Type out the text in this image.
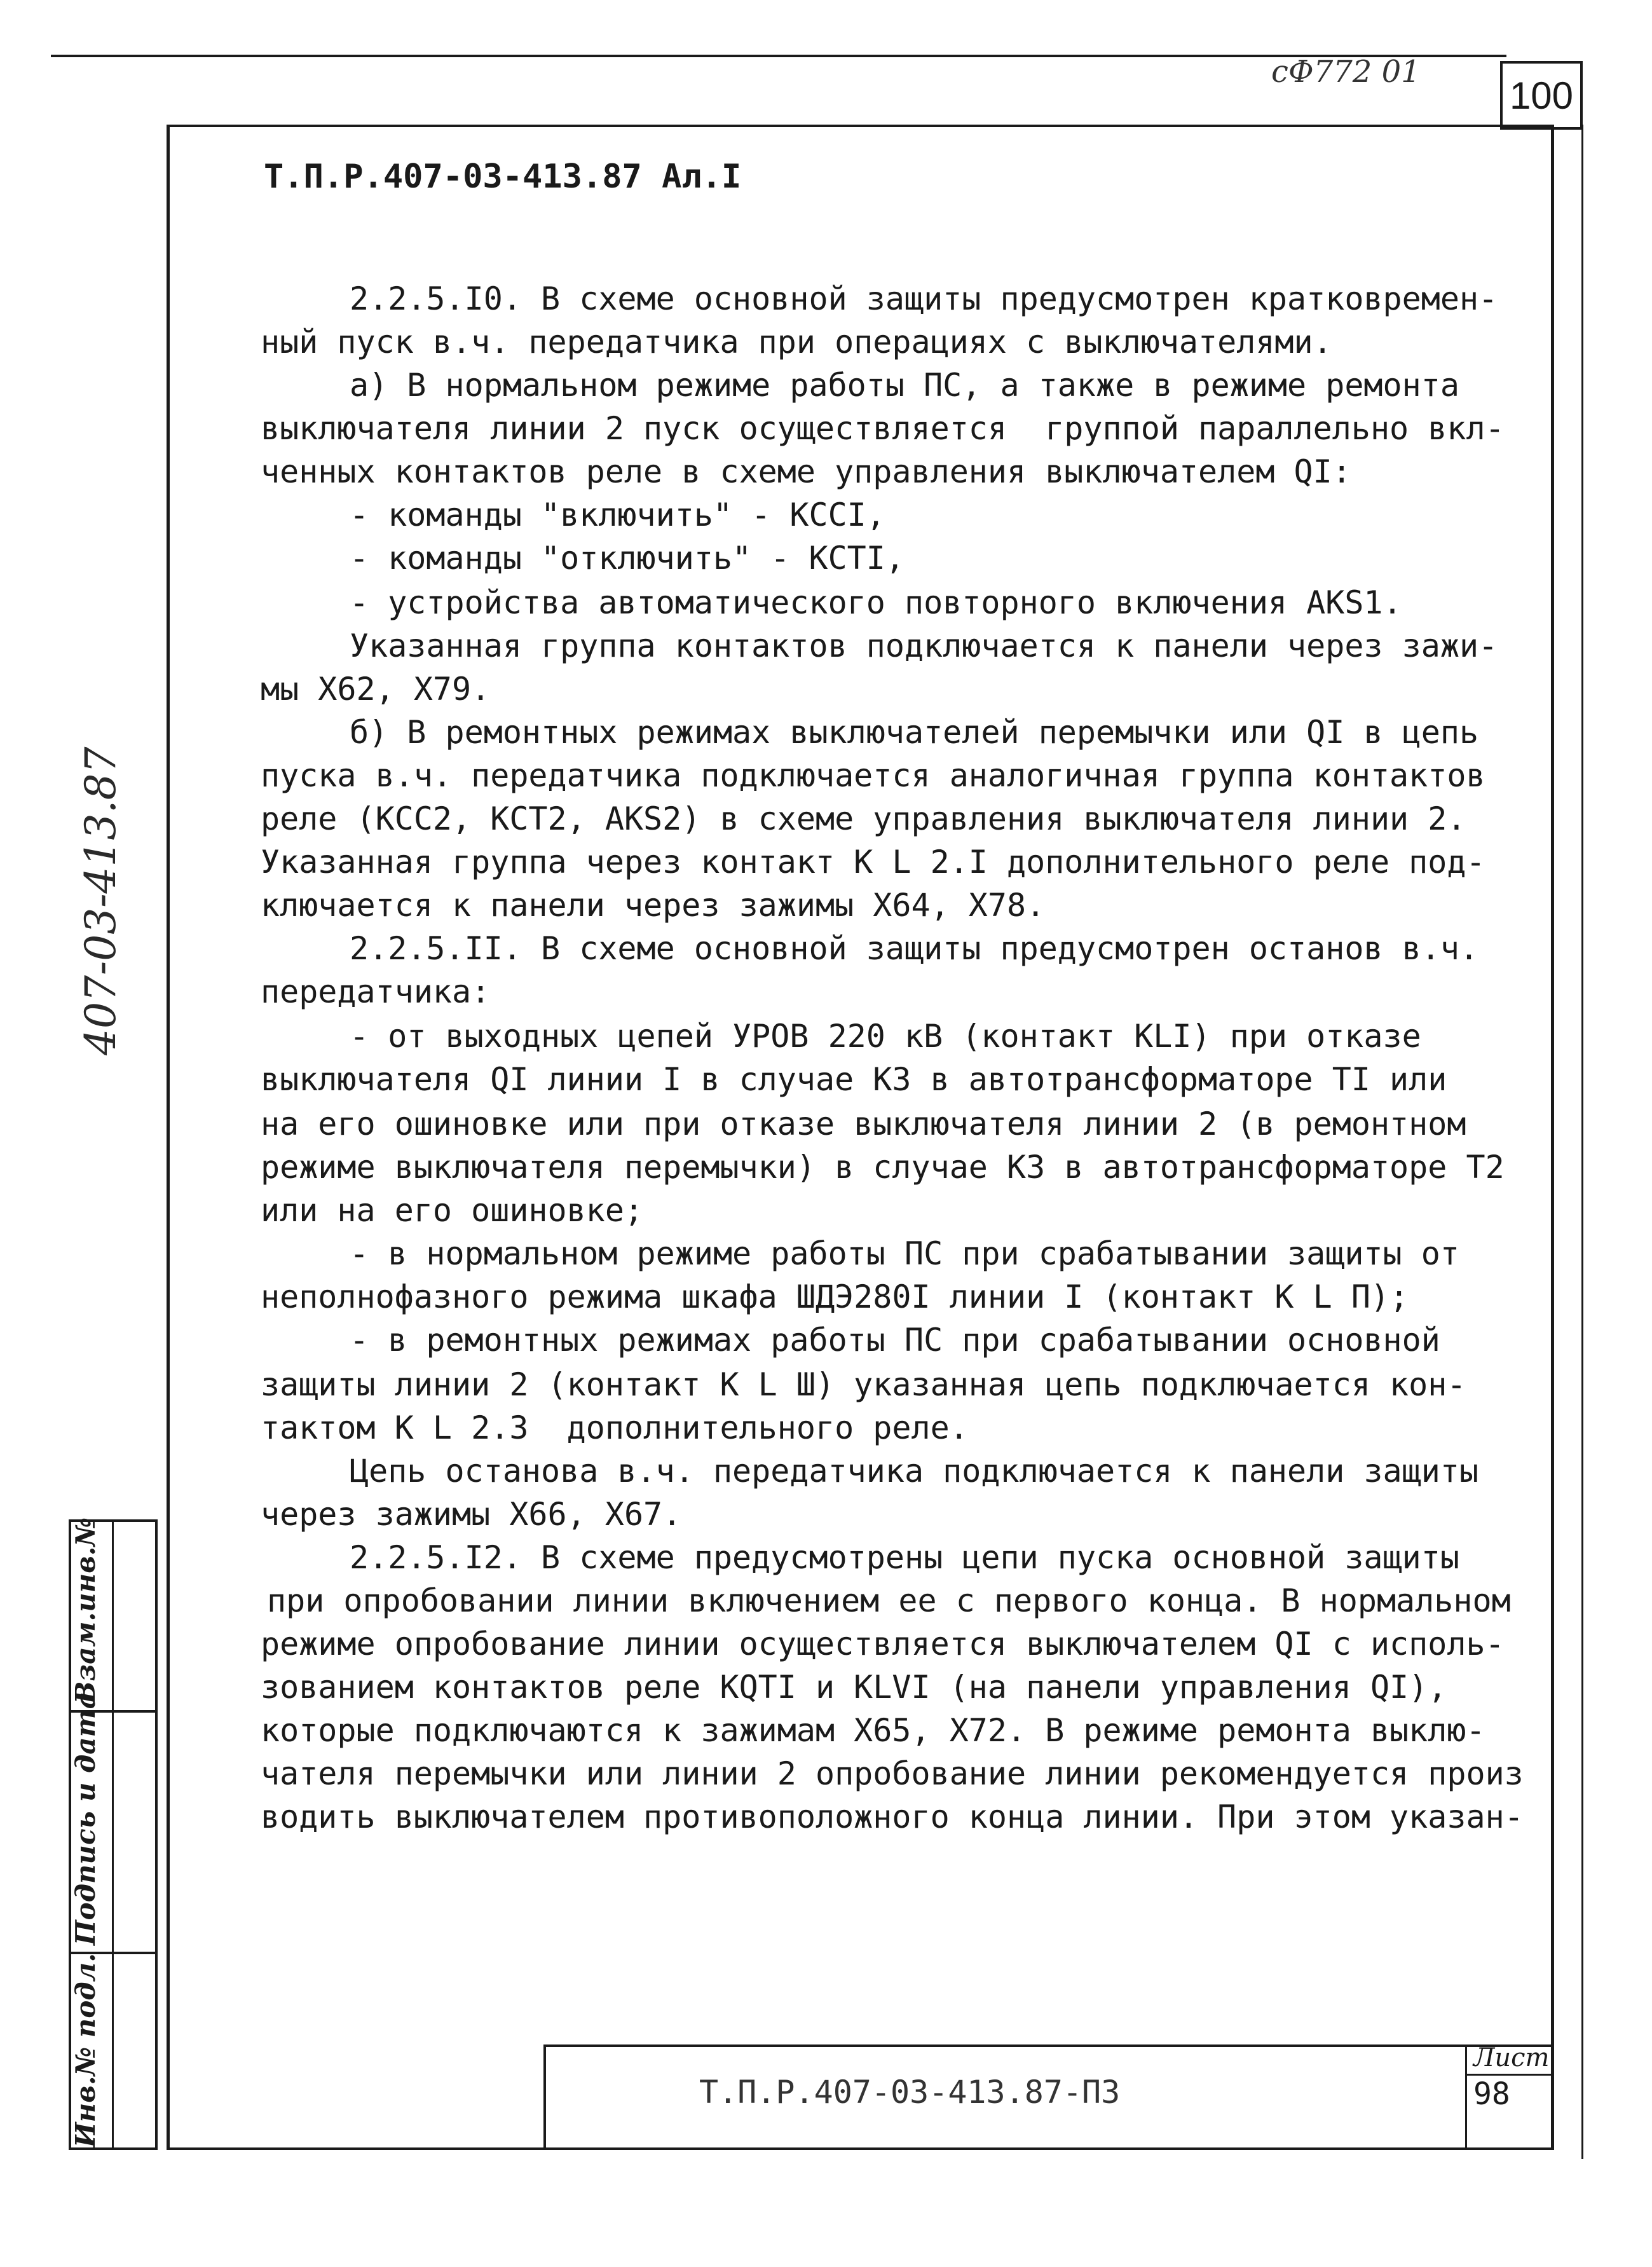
сФ772 01
100
Взам.инв.№
Подпись и дата
Инв.№ подл.
407-03-413.87
Т.П.Р.407-03-413.87 Ал.I
2.2.5.I0. В схеме основной защиты предусмотрен кратковремен-
ный пуск в.ч. передатчика при операциях с выключателями.
а) В нормальном режиме работы ПС, а также в режиме ремонта
выключателя линии 2 пуск осуществляется  группой параллельно вкл-
ченных контактов реле в схеме управления выключателем QI:
- команды "включить" - КССI,
- команды "отключить" - КСТI,
- устройства автоматического повторного включения AKS1.
Указанная группа контактов подключается к панели через зажи-
мы Х62, Х79.
б) В ремонтных режимах выключателей перемычки или QI в цепь
пуска в.ч. передатчика подключается аналогичная группа контактов
реле (КСС2, КСТ2, АКS2) в схеме управления выключателя линии 2.
Указанная группа через контакт К L 2.I дополнительного реле под-
ключается к панели через зажимы Х64, Х78.
2.2.5.II. В схеме основной защиты предусмотрен останов в.ч.
передатчика:
- от выходных цепей УРОВ 220 кВ (контакт КLI) при отказе
выключателя QI линии I в случае КЗ в автотрансформаторе ТI или
на его ошиновке или при отказе выключателя линии 2 (в ремонтном
режиме выключателя перемычки) в случае КЗ в автотрансформаторе Т2
или на его ошиновке;
- в нормальном режиме работы ПС при срабатывании защиты от
неполнофазного режима шкафа ШДЭ280I линии I (контакт К L П);
- в ремонтных режимах работы ПС при срабатывании основной
защиты линии 2 (контакт К L Ш) указанная цепь подключается кон-
тактом К L 2.3  дополнительного реле.
Цепь останова в.ч. передатчика подключается к панели защиты
через зажимы Х66, Х67.
2.2.5.I2. В схеме предусмотрены цепи пуска основной защиты
при опробовании линии включением ее с первого конца. В нормальном
режиме опробование линии осуществляется выключателем QI с исполь-
зованием контактов реле КQТI и КLVI (на панели управления QI),
которые подключаются к зажимам Х65, Х72. В режиме ремонта выклю-
чателя перемычки или линии 2 опробование линии рекомендуется произ
водить выключателем противоположного конца линии. При этом указан-
Т.П.Р.407-03-413.87-ПЗ
Лист
98
